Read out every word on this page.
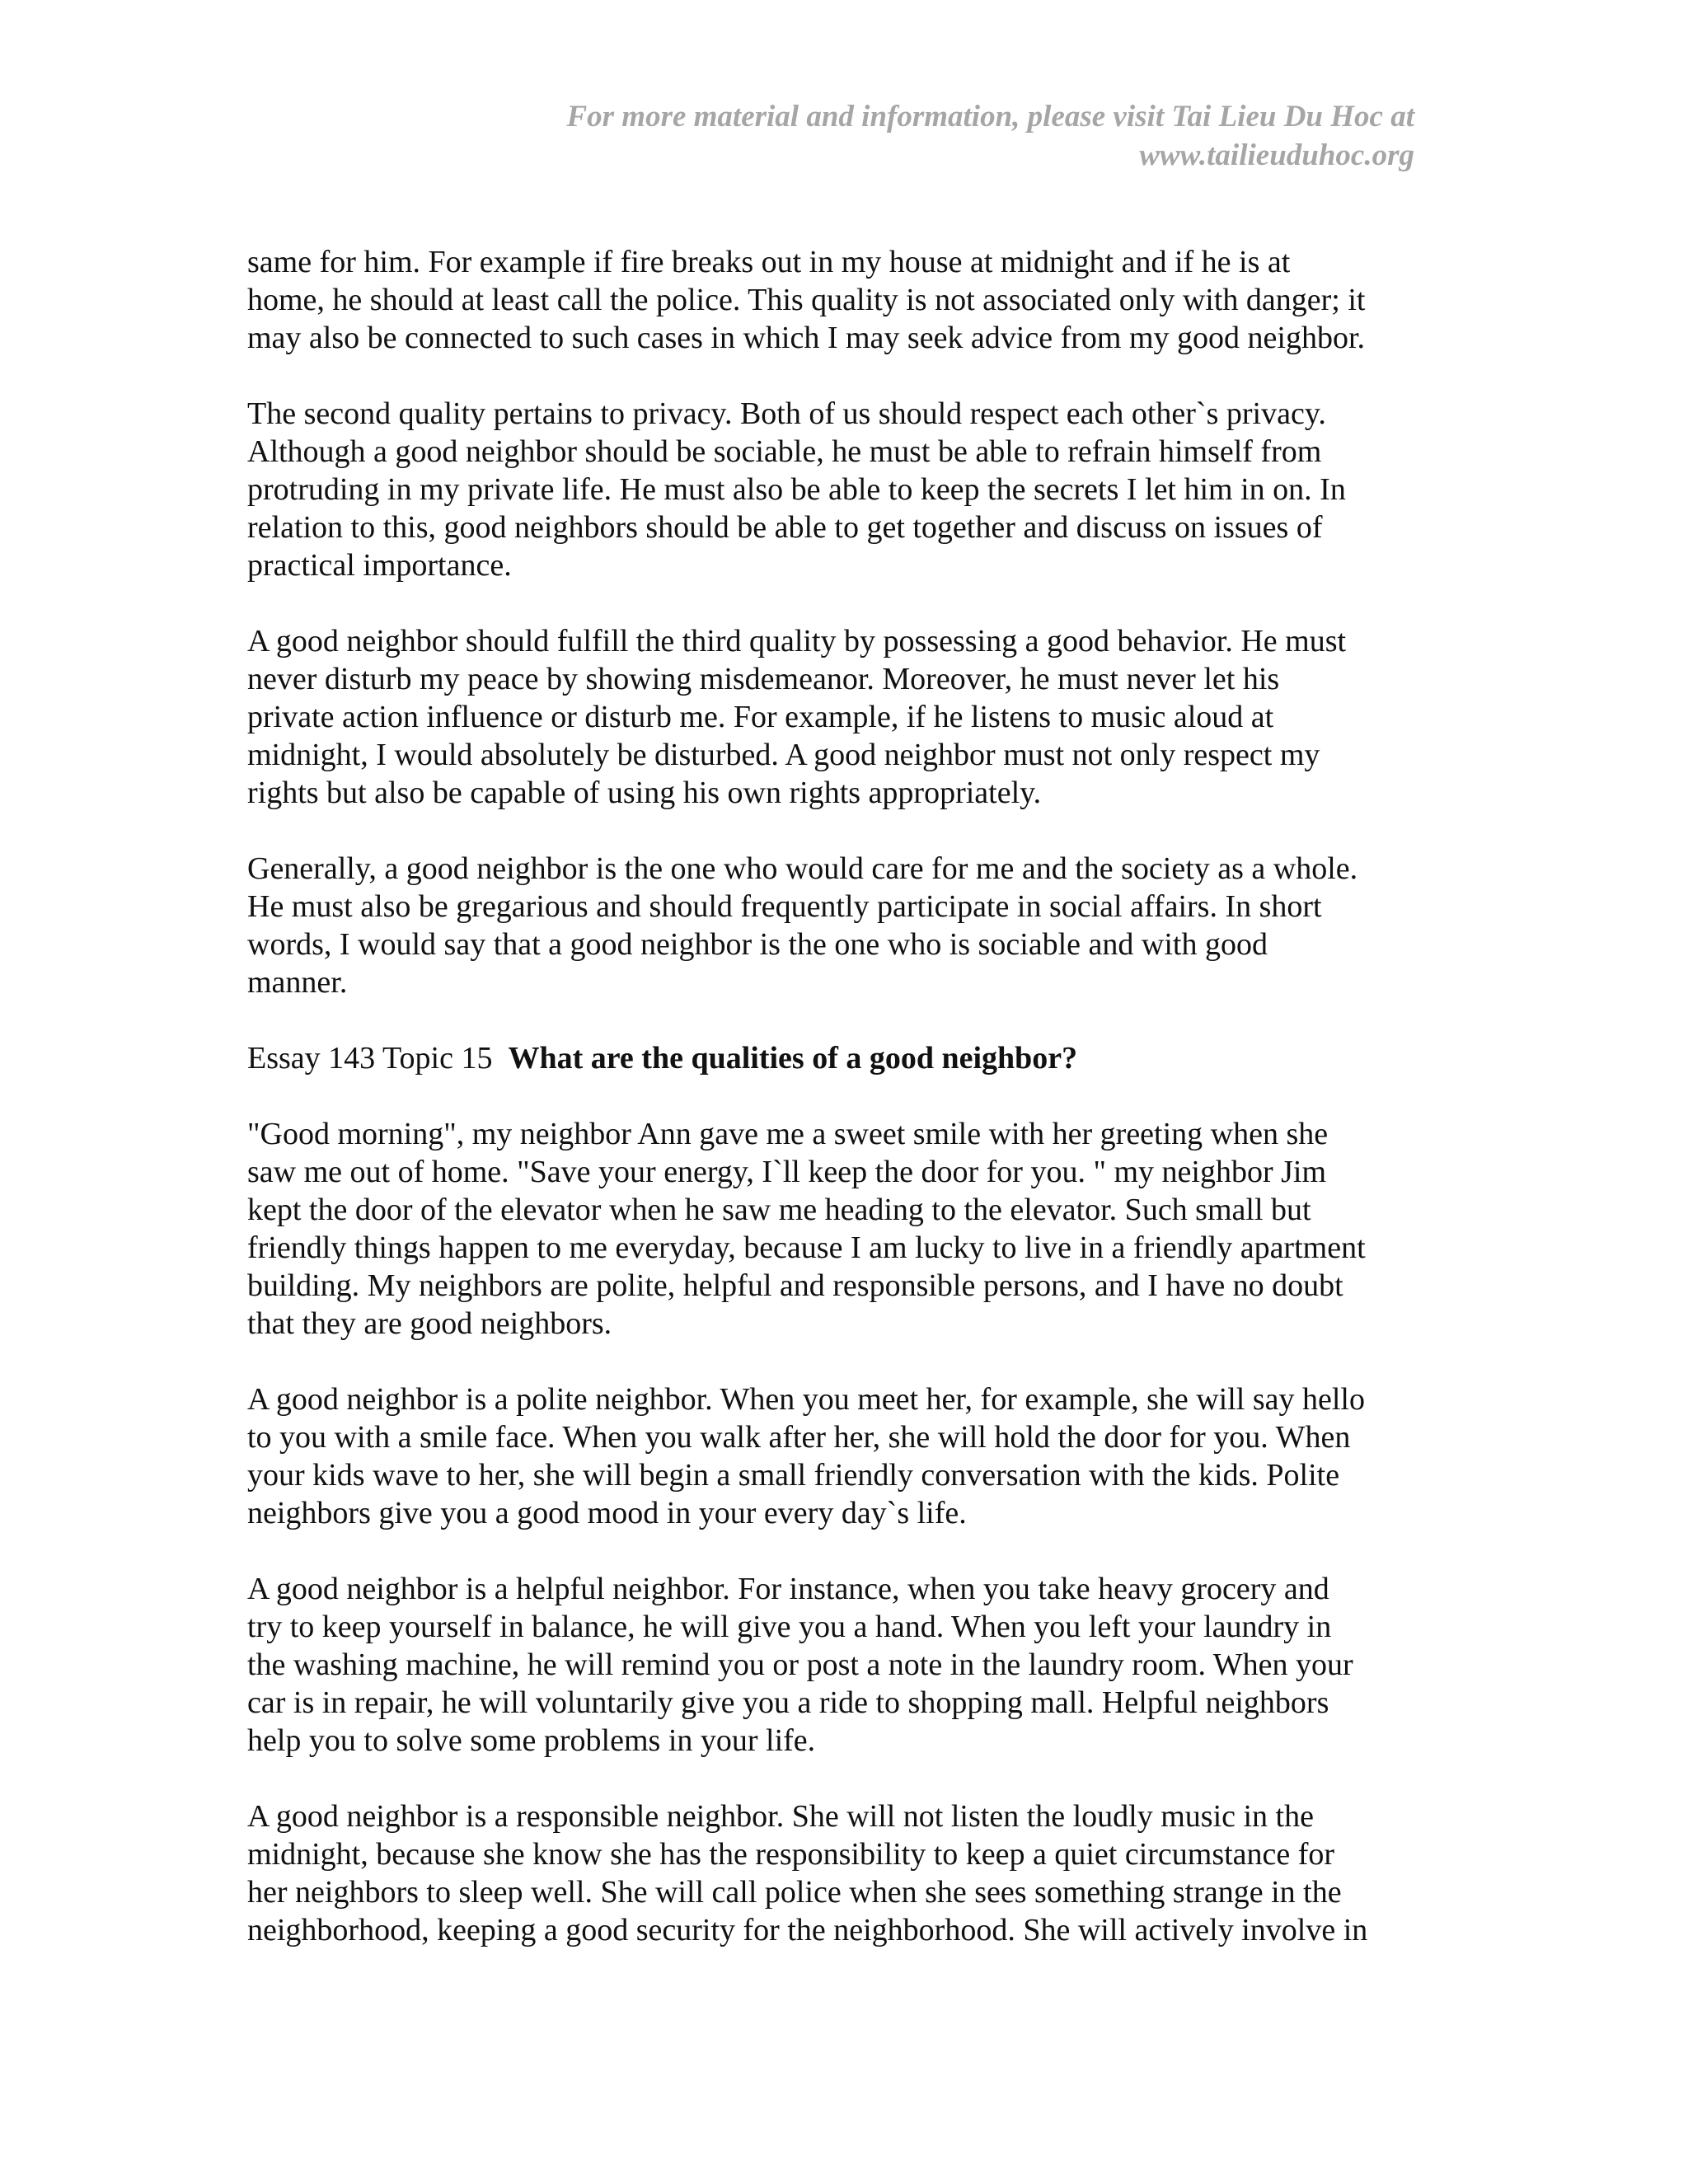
For more material and information, please visit Tai Lieu Du Hoc at
www.tailieuduhoc.org
same for him. For example if fire breaks out in my house at midnight and if he is at
home, he should at least call the police. This quality is not associated only with danger; it
may also be connected to such cases in which I may seek advice from my good neighbor.
The second quality pertains to privacy. Both of us should respect each other`s privacy.
Although a good neighbor should be sociable, he must be able to refrain himself from
protruding in my private life. He must also be able to keep the secrets I let him in on. In
relation to this, good neighbors should be able to get together and discuss on issues of
practical importance.
A good neighbor should fulfill the third quality by possessing a good behavior. He must
never disturb my peace by showing misdemeanor. Moreover, he must never let his
private action influence or disturb me. For example, if he listens to music aloud at
midnight, I would absolutely be disturbed. A good neighbor must not only respect my
rights but also be capable of using his own rights appropriately.
Generally, a good neighbor is the one who would care for me and the society as a whole.
He must also be gregarious and should frequently participate in social affairs. In short
words, I would say that a good neighbor is the one who is sociable and with good
manner.
Essay 143 Topic 15 What are the qualities of a good neighbor?
"Good morning", my neighbor Ann gave me a sweet smile with her greeting when she
saw me out of home. "Save your energy, I`ll keep the door for you. " my neighbor Jim
kept the door of the elevator when he saw me heading to the elevator. Such small but
friendly things happen to me everyday, because I am lucky to live in a friendly apartment
building. My neighbors are polite, helpful and responsible persons, and I have no doubt
that they are good neighbors.
A good neighbor is a polite neighbor. When you meet her, for example, she will say hello
to you with a smile face. When you walk after her, she will hold the door for you. When
your kids wave to her, she will begin a small friendly conversation with the kids. Polite
neighbors give you a good mood in your every day`s life.
A good neighbor is a helpful neighbor. For instance, when you take heavy grocery and
try to keep yourself in balance, he will give you a hand. When you left your laundry in
the washing machine, he will remind you or post a note in the laundry room. When your
car is in repair, he will voluntarily give you a ride to shopping mall. Helpful neighbors
help you to solve some problems in your life.
A good neighbor is a responsible neighbor. She will not listen the loudly music in the
midnight, because she know she has the responsibility to keep a quiet circumstance for
her neighbors to sleep well. She will call police when she sees something strange in the
neighborhood, keeping a good security for the neighborhood. She will actively involve in
